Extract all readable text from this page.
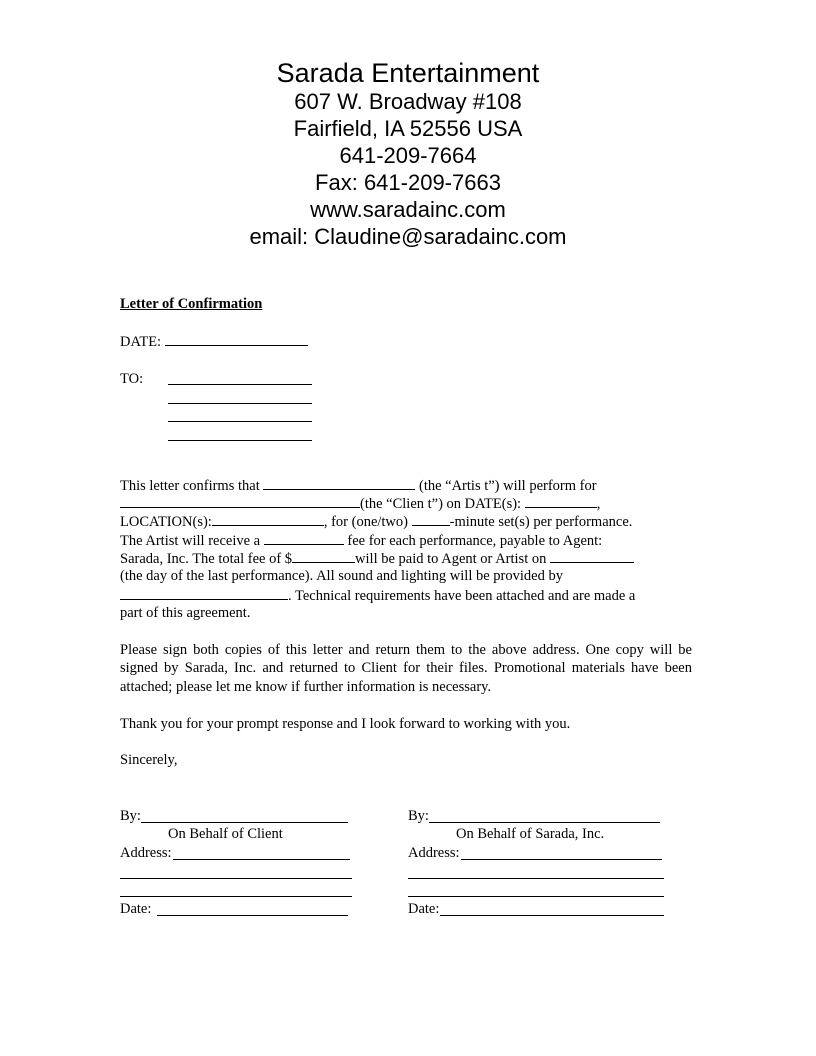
Sarada Entertainment
607 W. Broadway #108
Fairfield, IA 52556 USA
641-209-7664
Fax: 641-209-7663
www.saradainc.com
email: Claudine@saradainc.com
Letter of Confirmation
DATE:
TO:
This letter confirms that	(the “Artis t”) will perform for
(the “Clien t”) on DATE(s):	,
LOCATION(s):	, for (one/two)	-minute set(s) per performance.
The Artist will receive a	fee for each performance, payable to Agent:
Sarada, Inc. The total fee of $	will be paid to Agent or Artist on
(the day of the last performance). All sound and lighting will be provided by
. Technical requirements have been attached and are made a
part of this agreement.

Please sign both copies of this letter and return them to the above address. One copy will be signed by Sarada, Inc. and returned to Client for their files. Promotional materials have been attached; please let me know if further information is necessary.

Thank you for your prompt response and I look forward to working with you.
Sincerely,
By:
On Behalf of Client
Address:
Date:
By:
On Behalf of Sarada, Inc.
Address:
Date:
